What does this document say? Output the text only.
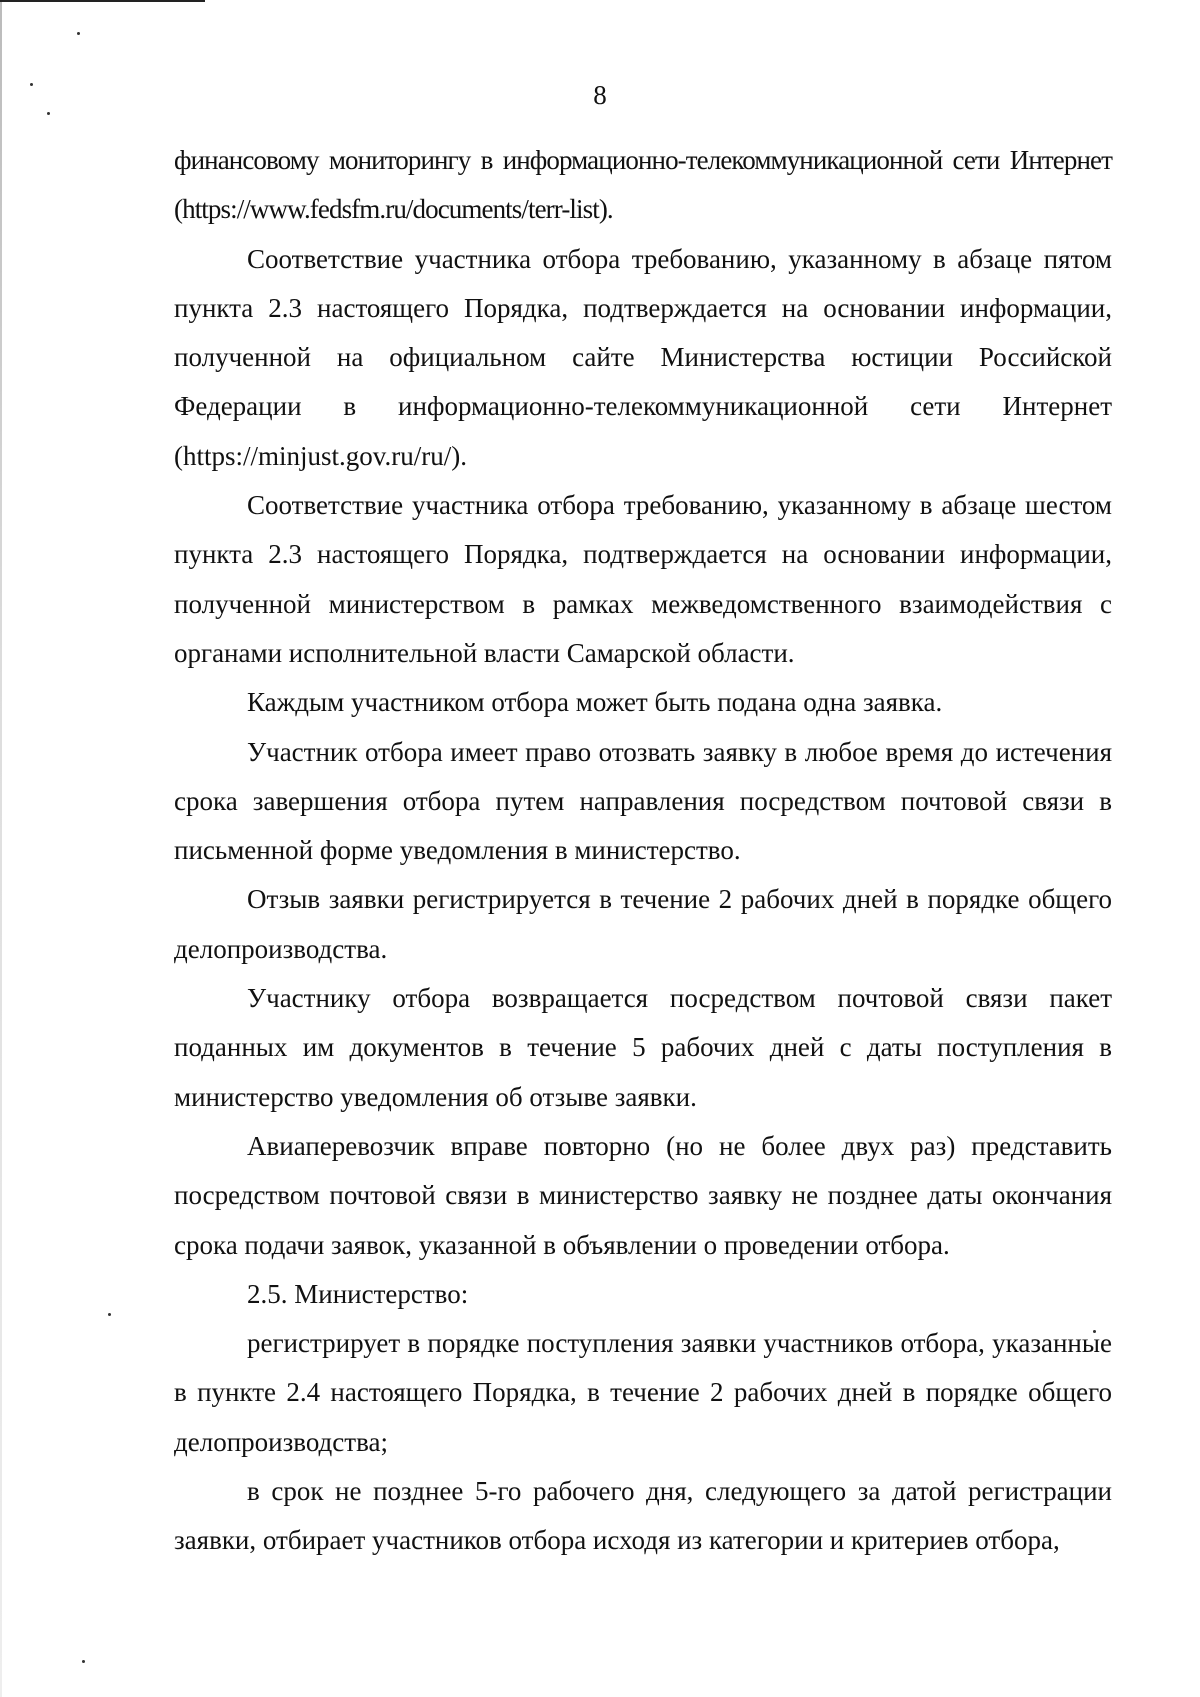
8

финансовому мониторингу в информационно-телекоммуникационной сети Интернет (https://www.fedsfm.ru/documents/terr-list).

Соответствие участника отбора требованию, указанному в абзаце пятом пункта 2.3 настоящего Порядка, подтверждается на основании информации, полученной на официальном сайте Министерства юстиции Российской Федерации в информационно-телекоммуникационной сети Интернет (https://minjust.gov.ru/ru/).

Соответствие участника отбора требованию, указанному в абзаце шестом пункта 2.3 настоящего Порядка, подтверждается на основании информации, полученной министерством в рамках межведомственного взаимодействия с органами исполнительной власти Самарской области.

Каждым участником отбора может быть подана одна заявка.

Участник отбора имеет право отозвать заявку в любое время до истечения срока завершения отбора путем направления посредством почтовой связи в письменной форме уведомления в министерство.

Отзыв заявки регистрируется в течение 2 рабочих дней в порядке общего делопроизводства.

Участнику отбора возвращается посредством почтовой связи пакет поданных им документов в течение 5 рабочих дней с даты поступления в министерство уведомления об отзыве заявки.

Авиаперевозчик вправе повторно (но не более двух раз) представить посредством почтовой связи в министерство заявку не позднее даты окончания срока подачи заявок, указанной в объявлении о проведении отбора.

2.5. Министерство:

регистрирует в порядке поступления заявки участников отбора, указанные в пункте 2.4 настоящего Порядка, в течение 2 рабочих дней в порядке общего делопроизводства;

в срок не позднее 5-го рабочего дня, следующего за датой регистрации заявки, отбирает участников отбора исходя из категории и критериев отбора,
